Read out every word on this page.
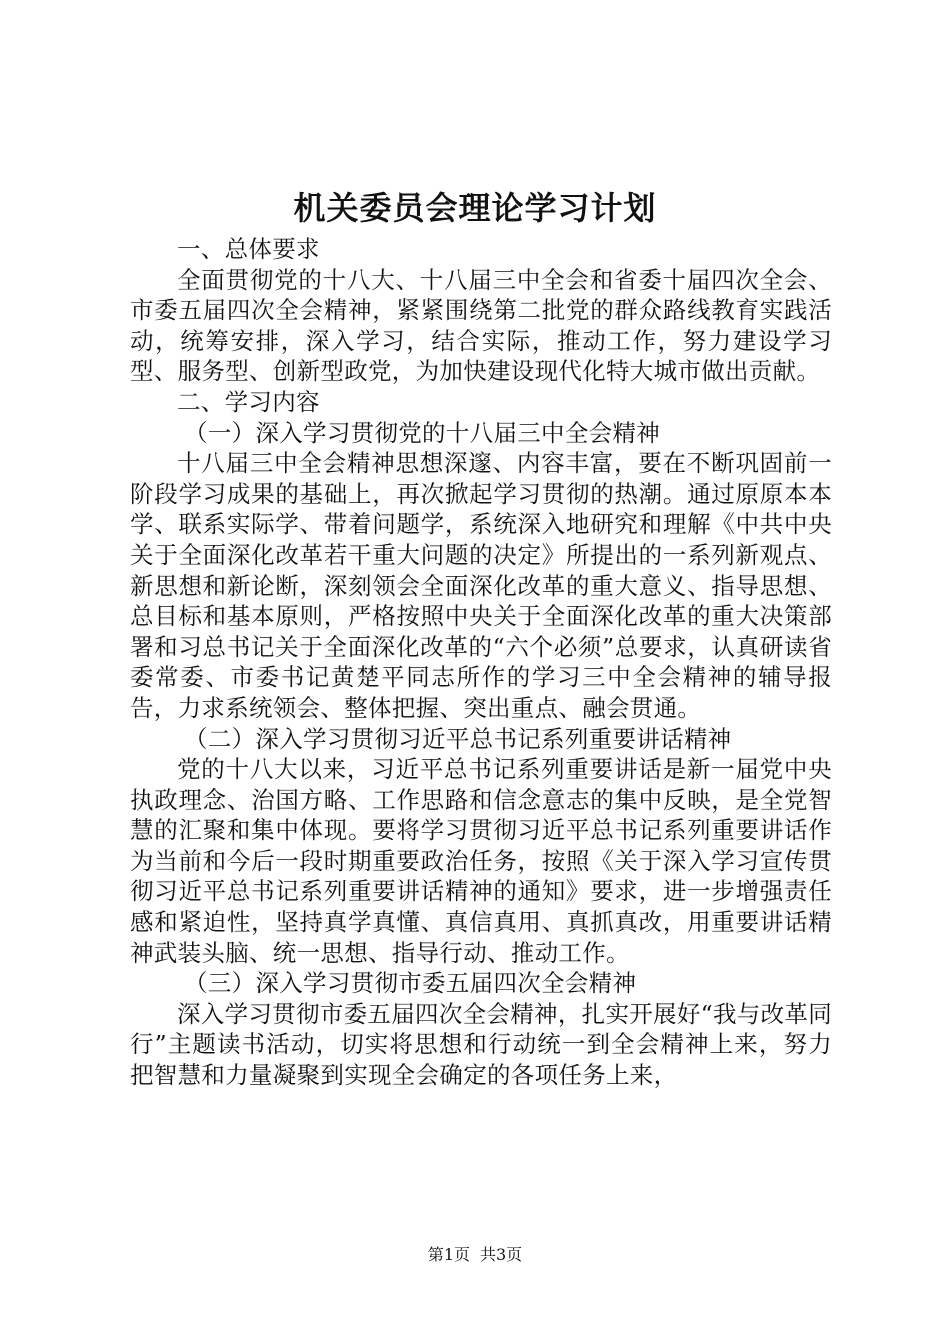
机关委员会理论学习计划

一、总体要求

全面贯彻党的十八大、十八届三中全会和省委十届四次全会、市委五届四次全会精神，紧紧围绕第二批党的群众路线教育实践活动，统筹安排，深入学习，结合实际，推动工作，努力建设学习型、服务型、创新型政党，为加快建设现代化特大城市做出贡献。

二、学习内容

（一）深入学习贯彻党的十八届三中全会精神

十八届三中全会精神思想深邃、内容丰富，要在不断巩固前一阶段学习成果的基础上，再次掀起学习贯彻的热潮。通过原原本本学、联系实际学、带着问题学，系统深入地研究和理解《中共中央关于全面深化改革若干重大问题的决定》所提出的一系列新观点、新思想和新论断，深刻领会全面深化改革的重大意义、指导思想、总目标和基本原则，严格按照中央关于全面深化改革的重大决策部署和习总书记关于全面深化改革的“六个必须”总要求，认真研读省委常委、市委书记黄楚平同志所作的学习三中全会精神的辅导报告，力求系统领会、整体把握、突出重点、融会贯通。

（二）深入学习贯彻习近平总书记系列重要讲话精神

党的十八大以来，习近平总书记系列重要讲话是新一届党中央执政理念、治国方略、工作思路和信念意志的集中反映，是全党智慧的汇聚和集中体现。要将学习贯彻习近平总书记系列重要讲话作为当前和今后一段时期重要政治任务，按照《关于深入学习宣传贯彻习近平总书记系列重要讲话精神的通知》要求，进一步增强责任感和紧迫性，坚持真学真懂、真信真用、真抓真改，用重要讲话精神武装头脑、统一思想、指导行动、推动工作。

（三）深入学习贯彻市委五届四次全会精神

深入学习贯彻市委五届四次全会精神，扎实开展好“我与改革同行”主题读书活动，切实将思想和行动统一到全会精神上来，努力把智慧和力量凝聚到实现全会确定的各项任务上来，

第1页 共3页
